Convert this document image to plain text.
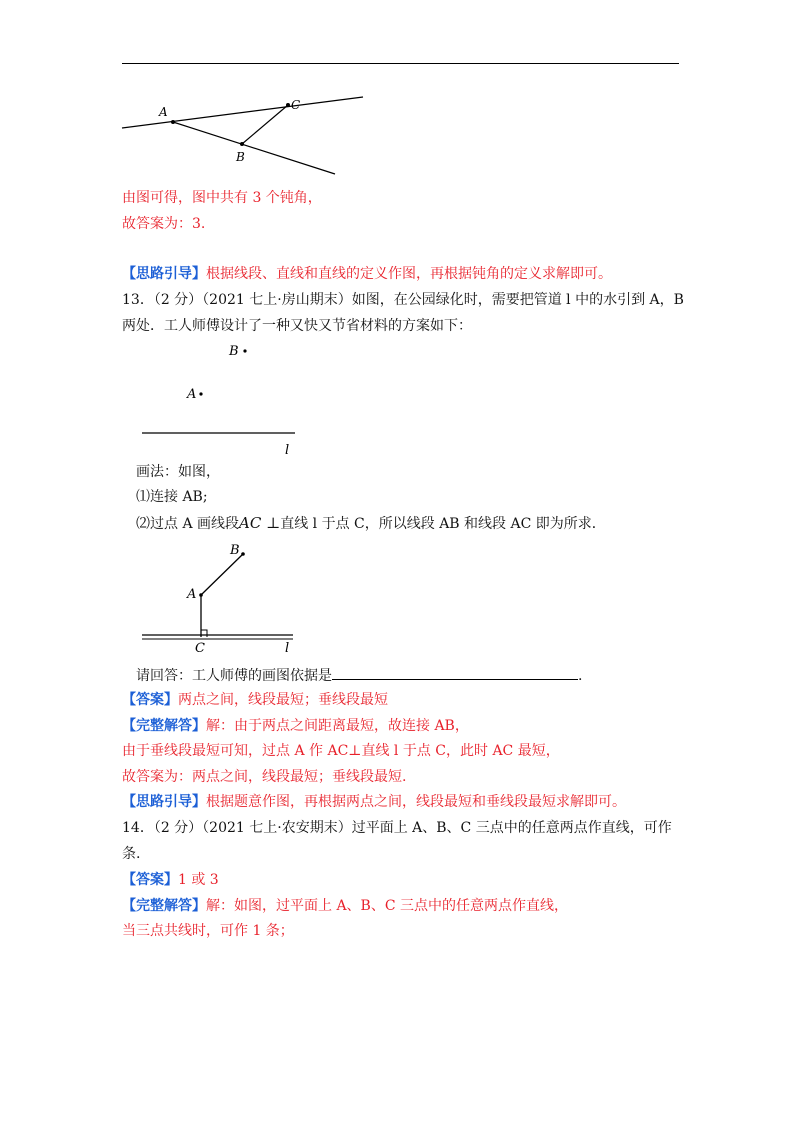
A
B
C
由图可得，图中共有 3 个钝角，
故答案为：3.
【思路引导】根据线段、直线和直线的定义作图，再根据钝角的定义求解即可。
13．（2 分）（2021 七上·房山期末）如图，在公园绿化时，需要把管道 l 中的水引到 A，B
两处．工人师傅设计了一种又快又节省材料的方案如下：
B
A
l
画法：如图，
⑴连接 AB;
⑵过点 A 画线段AC ⊥直线 l 于点 C，所以线段 AB 和线段 AC 即为所求．
B
A
C	l
请回答：工人师傅的画图依据是	.
【答案】两点之间，线段最短；垂线段最短
【完整解答】解：由于两点之间距离最短，故连接 AB，
由于垂线段最短可知，过点 A 作 AC⊥直线 l 于点 C，此时 AC 最短，
故答案为：两点之间，线段最短；垂线段最短.
【思路引导】根据题意作图，再根据两点之间，线段最短和垂线段最短求解即可。
14．（2 分）（2021 七上·农安期末）过平面上 A、B、C 三点中的任意两点作直线，可作
条.
【答案】1 或 3
【完整解答】解：如图，过平面上 A、B、C 三点中的任意两点作直线，
当三点共线时，可作 1 条；
